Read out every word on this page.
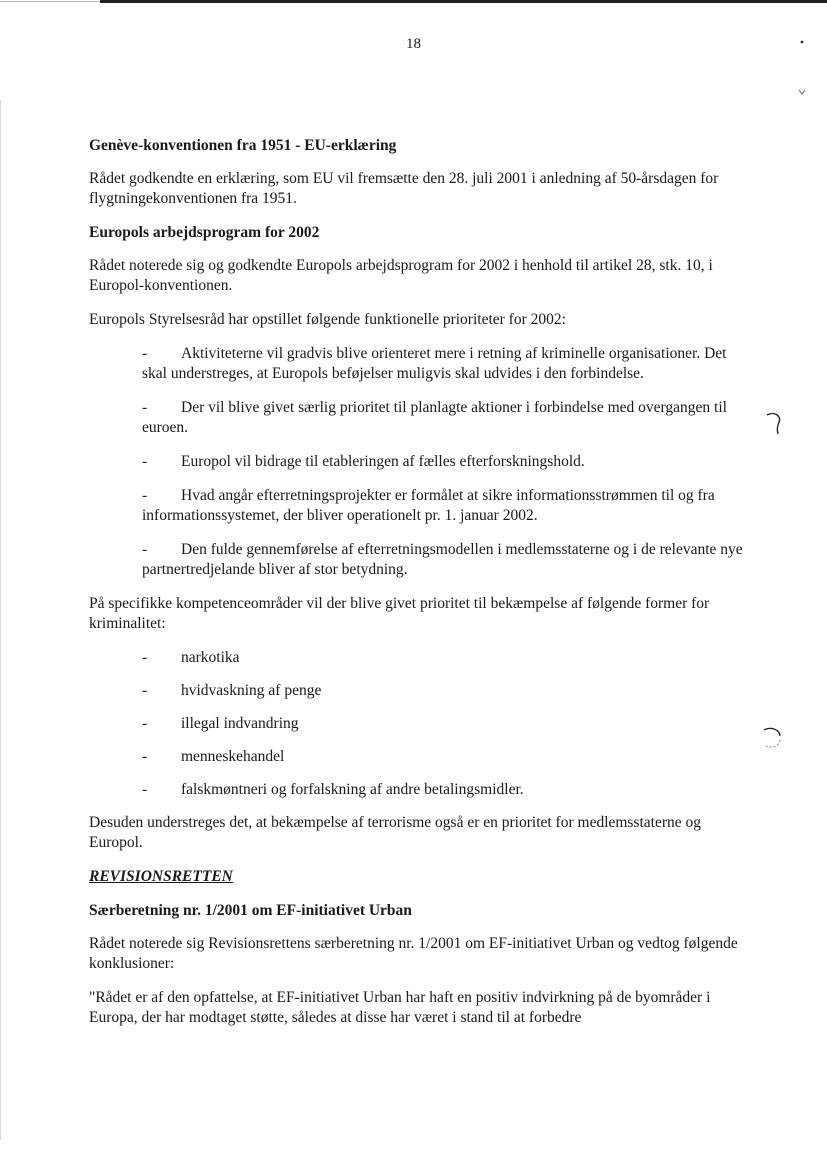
18
Genève-konventionen fra 1951 - EU-erklæring
Rådet godkendte en erklæring, som EU vil fremsætte den 28. juli 2001 i anledning af 50-årsdagen for flygtningekonventionen fra 1951.
Europols arbejdsprogram for 2002
Rådet noterede sig og godkendte Europols arbejdsprogram for 2002 i henhold til artikel 28, stk. 10, i Europol-konventionen.
Europols Styrelsesråd har opstillet følgende funktionelle prioriteter for 2002:
- Aktiviteterne vil gradvis blive orienteret mere i retning af kriminelle organisationer. Det skal understreges, at Europols beføjelser muligvis skal udvides i den forbindelse.
- Der vil blive givet særlig prioritet til planlagte aktioner i forbindelse med overgangen til euroen.
- Europol vil bidrage til etableringen af fælles efterforskningshold.
- Hvad angår efterretningsprojekter er formålet at sikre informationsstrømmen til og fra informationssystemet, der bliver operationelt pr. 1. januar 2002.
- Den fulde gennemførelse af efterretningsmodellen i medlemsstaterne og i de relevante nye partnertredjelande bliver af stor betydning.
På specifikke kompetenceområder vil der blive givet prioritet til bekæmpelse af følgende former for kriminalitet:
- narkotika
- hvidvaskning af penge
- illegal indvandring
- menneskehandel
- falskmøntneri og forfalskning af andre betalingsmidler.
Desuden understreges det, at bekæmpelse af terrorisme også er en prioritet for medlemsstaterne og Europol.
REVISIONSRETTEN
Særberetning nr. 1/2001 om EF-initiativet Urban
Rådet noterede sig Revisionsrettens særberetning nr. 1/2001 om EF-initiativet Urban og vedtog følgende konklusioner:
"Rådet er af den opfattelse, at EF-initiativet Urban har haft en positiv indvirkning på de byområder i Europa, der har modtaget støtte, således at disse har været i stand til at forbedre
